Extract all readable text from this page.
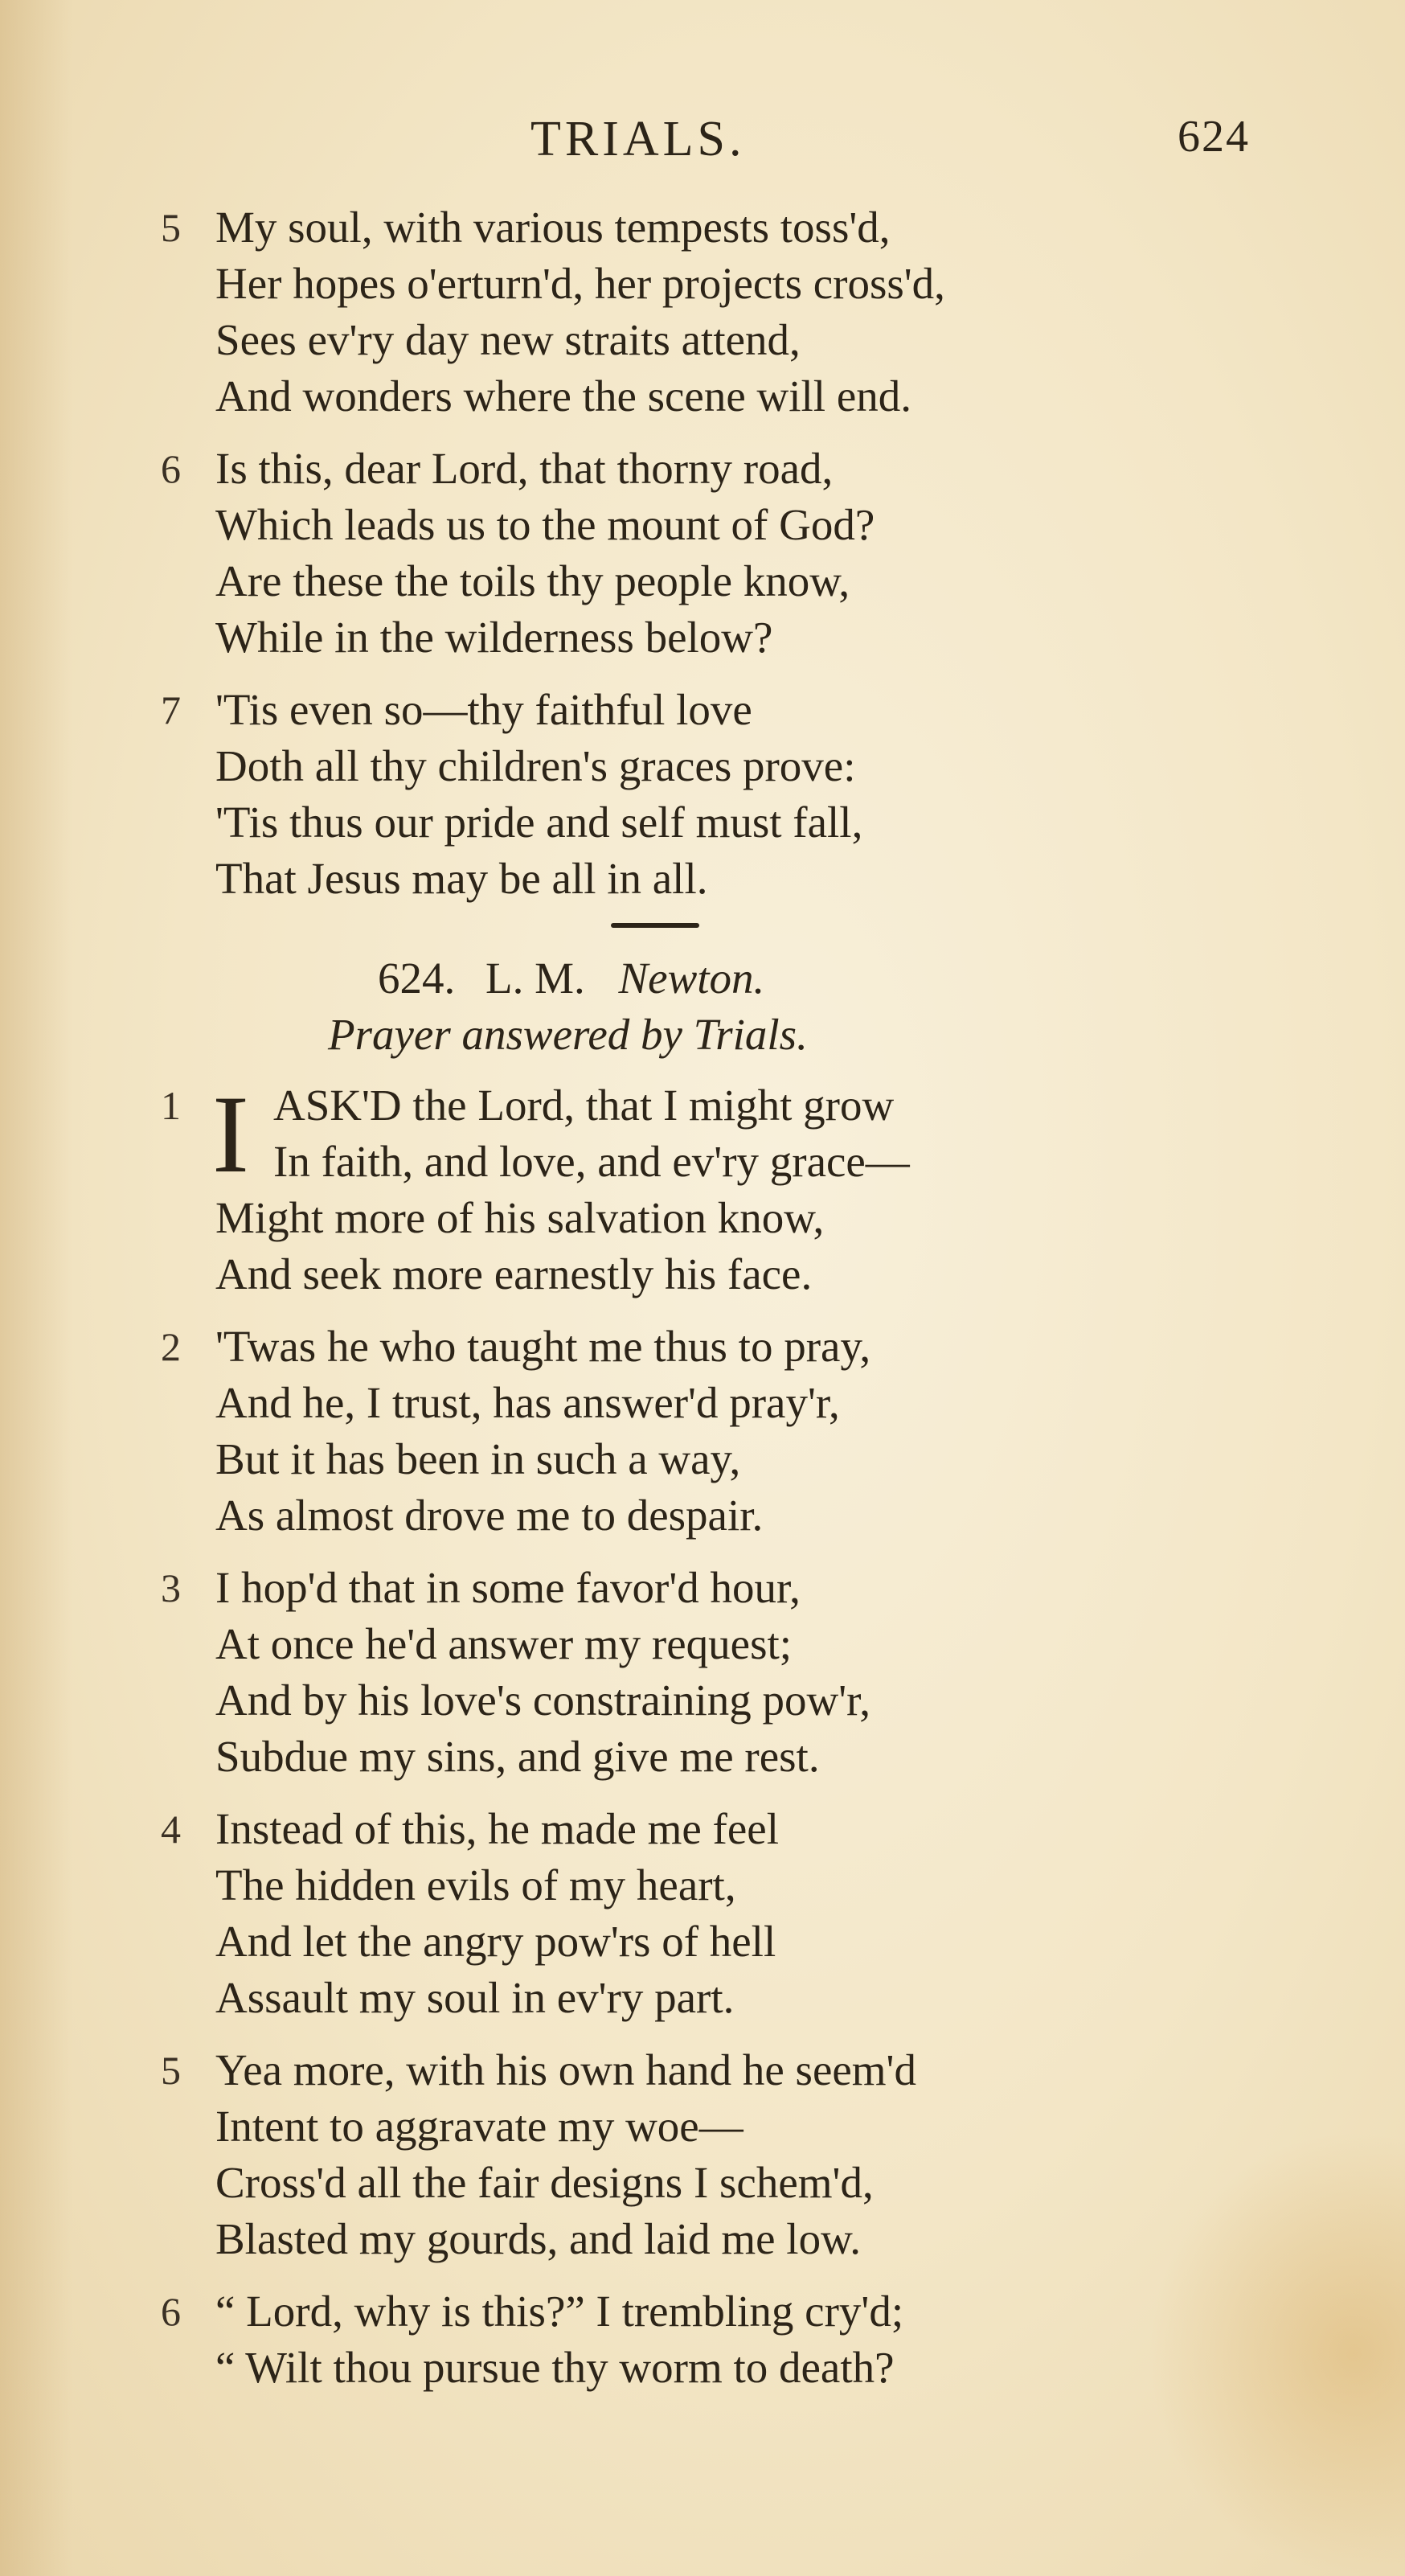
TRIALS.	624
5 My soul, with various tempests toss'd,
Her hopes o'erturn'd, her projects cross'd,
Sees ev'ry day new straits attend,
And wonders where the scene will end.
6 Is this, dear Lord, that thorny road,
Which leads us to the mount of God?
Are these the toils thy people know,
While in the wilderness below?
7 'Tis even so—thy faithful love
Doth all thy children's graces prove:
'Tis thus our pride and self must fall,
That Jesus may be all in all.
624. L. M. Newton.
Prayer answered by Trials.
1 I ASK'D the Lord, that I might grow
In faith, and love, and ev'ry grace—
Might more of his salvation know,
And seek more earnestly his face.
2 'Twas he who taught me thus to pray,
And he, I trust, has answer'd pray'r,
But it has been in such a way,
As almost drove me to despair.
3 I hop'd that in some favor'd hour,
At once he'd answer my request;
And by his love's constraining pow'r,
Subdue my sins, and give me rest.
4 Instead of this, he made me feel
The hidden evils of my heart,
And let the angry pow'rs of hell
Assault my soul in ev'ry part.
5 Yea more, with his own hand he seem'd
Intent to aggravate my woe—
Cross'd all the fair designs I schem'd,
Blasted my gourds, and laid me low.
6 “ Lord, why is this?” I trembling cry'd;
“ Wilt thou pursue thy worm to death?
